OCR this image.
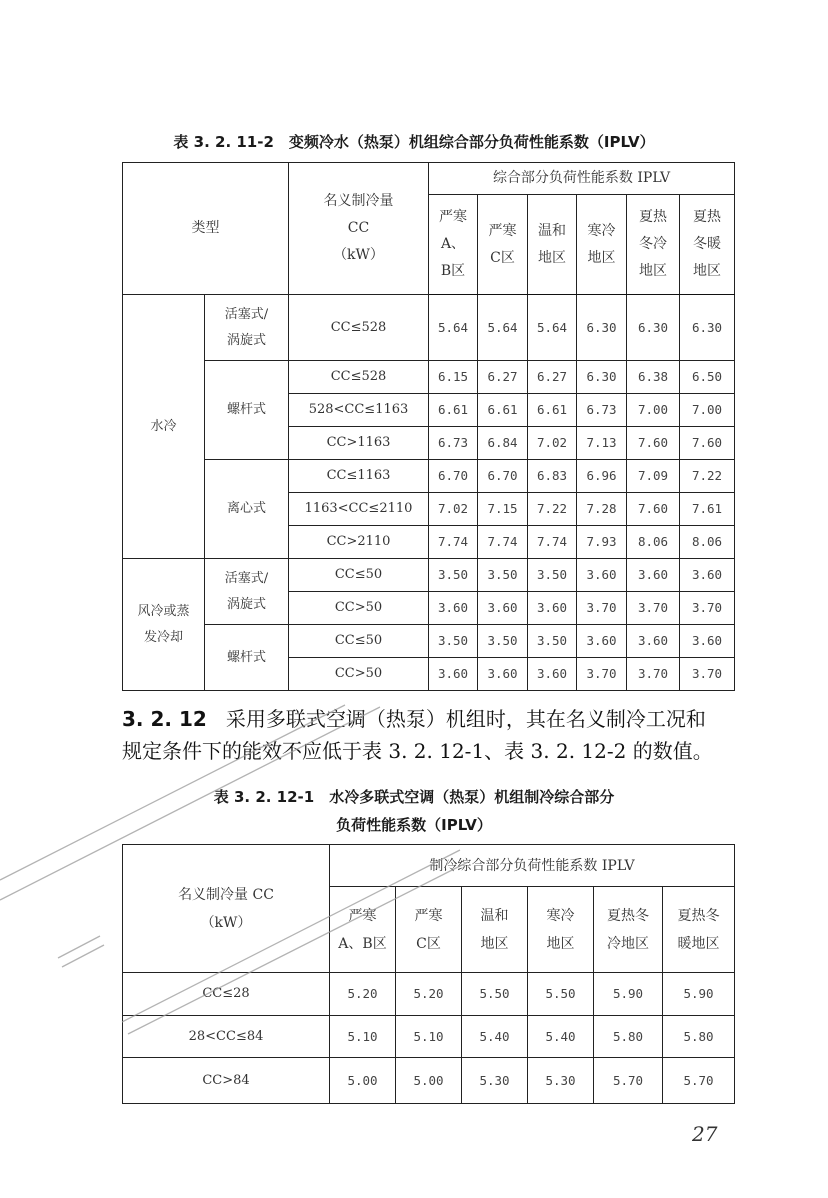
表 3. 2. 11-2　变频冷水（热泵）机组综合部分负荷性能系数（IPLV）
类型		名义制冷量
CC
（kW）	综合部分负荷性能系数 IPLV					
			严寒
A、
B区	严寒
C区	温和
地区	寒冷
地区	夏热
冬冷
地区	夏热
冬暖
地区
水冷	活塞式/
涡旋式	CC≤528	5.64	5.64	5.64	6.30	6.30	6.30
	螺杆式	CC≤528	6.15	6.27	6.27	6.30	6.38	6.50
		528<CC≤1163	6.61	6.61	6.61	6.73	7.00	7.00
		CC>1163	6.73	6.84	7.02	7.13	7.60	7.60
	离心式	CC≤1163	6.70	6.70	6.83	6.96	7.09	7.22
		1163<CC≤2110	7.02	7.15	7.22	7.28	7.60	7.61
		CC>2110	7.74	7.74	7.74	7.93	8.06	8.06
风冷或蒸
发冷却	活塞式/
涡旋式	CC≤50	3.50	3.50	3.50	3.60	3.60	3.60
		CC>50	3.60	3.60	3.60	3.70	3.70	3.70
	螺杆式	CC≤50	3.50	3.50	3.50	3.60	3.60	3.60
		CC>50	3.60	3.60	3.60	3.70	3.70	3.70
3. 2. 12 采用多联式空调（热泵）机组时，其在名义制冷工况和
规定条件下的能效不应低于表 3. 2. 12-1、表 3. 2. 12-2 的数值。
表 3. 2. 12-1　水冷多联式空调（热泵）机组制冷综合部分
负荷性能系数（IPLV）
名义制冷量 CC
（kW）	制冷综合部分负荷性能系数 IPLV					
	严寒
A、B区	严寒
C区	温和
地区	寒冷
地区	夏热冬
冷地区	夏热冬
暖地区
CC≤28	5.20	5.20	5.50	5.50	5.90	5.90
28<CC≤84	5.10	5.10	5.40	5.40	5.80	5.80
CC>84	5.00	5.00	5.30	5.30	5.70	5.70
27
